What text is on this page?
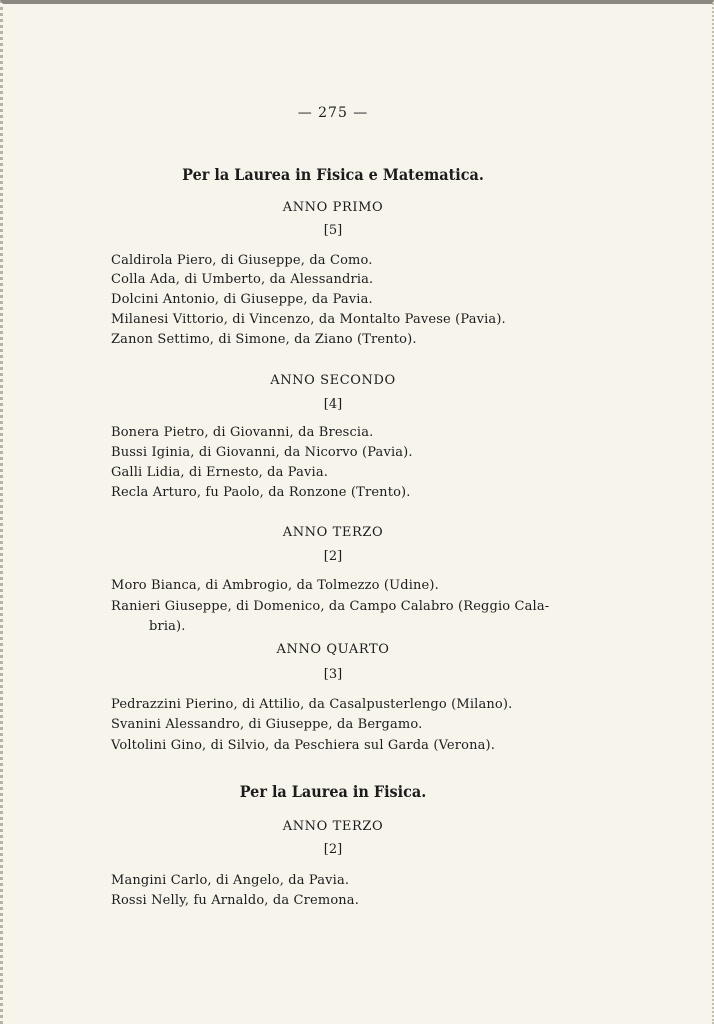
— 275 —
Per la Laurea in Fisica e Matematica.
ANNO PRIMO
[5]
Caldirola Piero, di Giuseppe, da Como.
Colla Ada, di Umberto, da Alessandria.
Dolcini Antonio, di Giuseppe, da Pavia.
Milanesi Vittorio, di Vincenzo, da Montalto Pavese (Pavia).
Zanon Settimo, di Simone, da Ziano (Trento).
ANNO SECONDO
[4]
Bonera Pietro, di Giovanni, da Brescia.
Bussi Iginia, di Giovanni, da Nicorvo (Pavia).
Galli Lidia, di Ernesto, da Pavia.
Recla Arturo, fu Paolo, da Ronzone (Trento).
ANNO TERZO
[2]
Moro Bianca, di Ambrogio, da Tolmezzo (Udine).
Ranieri Giuseppe, di Domenico, da Campo Calabro (Reggio Cala-
bria).
ANNO QUARTO
[3]
Pedrazzini Pierino, di Attilio, da Casalpusterlengo (Milano).
Svanini Alessandro, di Giuseppe, da Bergamo.
Voltolini Gino, di Silvio, da Peschiera sul Garda (Verona).
Per la Laurea in Fisica.
ANNO TERZO
[2]
Mangini Carlo, di Angelo, da Pavia.
Rossi Nelly, fu Arnaldo, da Cremona.
